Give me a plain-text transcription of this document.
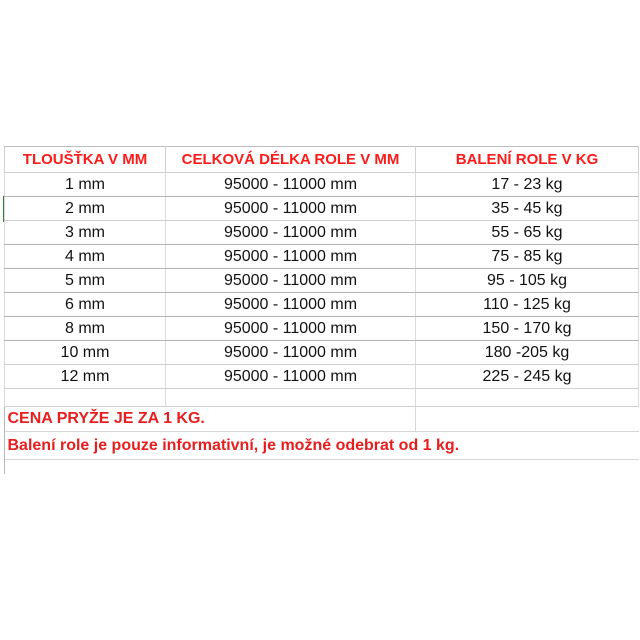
TLOUŠŤKA V MM	CELKOVÁ DÉLKA ROLE V MM	BALENÍ ROLE V KG
1 mm	95000 - 11000 mm	17 - 23 kg
2 mm	95000 - 11000 mm	35 - 45 kg
3 mm	95000 - 11000 mm	55 - 65 kg
4 mm	95000 - 11000 mm	75 - 85 kg
5 mm	95000 - 11000 mm	95 - 105 kg
6 mm	95000 - 11000 mm	110 - 125 kg
8 mm	95000 - 11000 mm	150 - 170 kg
10 mm	95000 - 11000 mm	180 -205 kg
12 mm	95000 - 11000 mm	225 - 245 kg

CENA PRYŽE JE ZA 1 KG.		
Balení role je pouze informativní, je možné odebrat od 1 kg.		
